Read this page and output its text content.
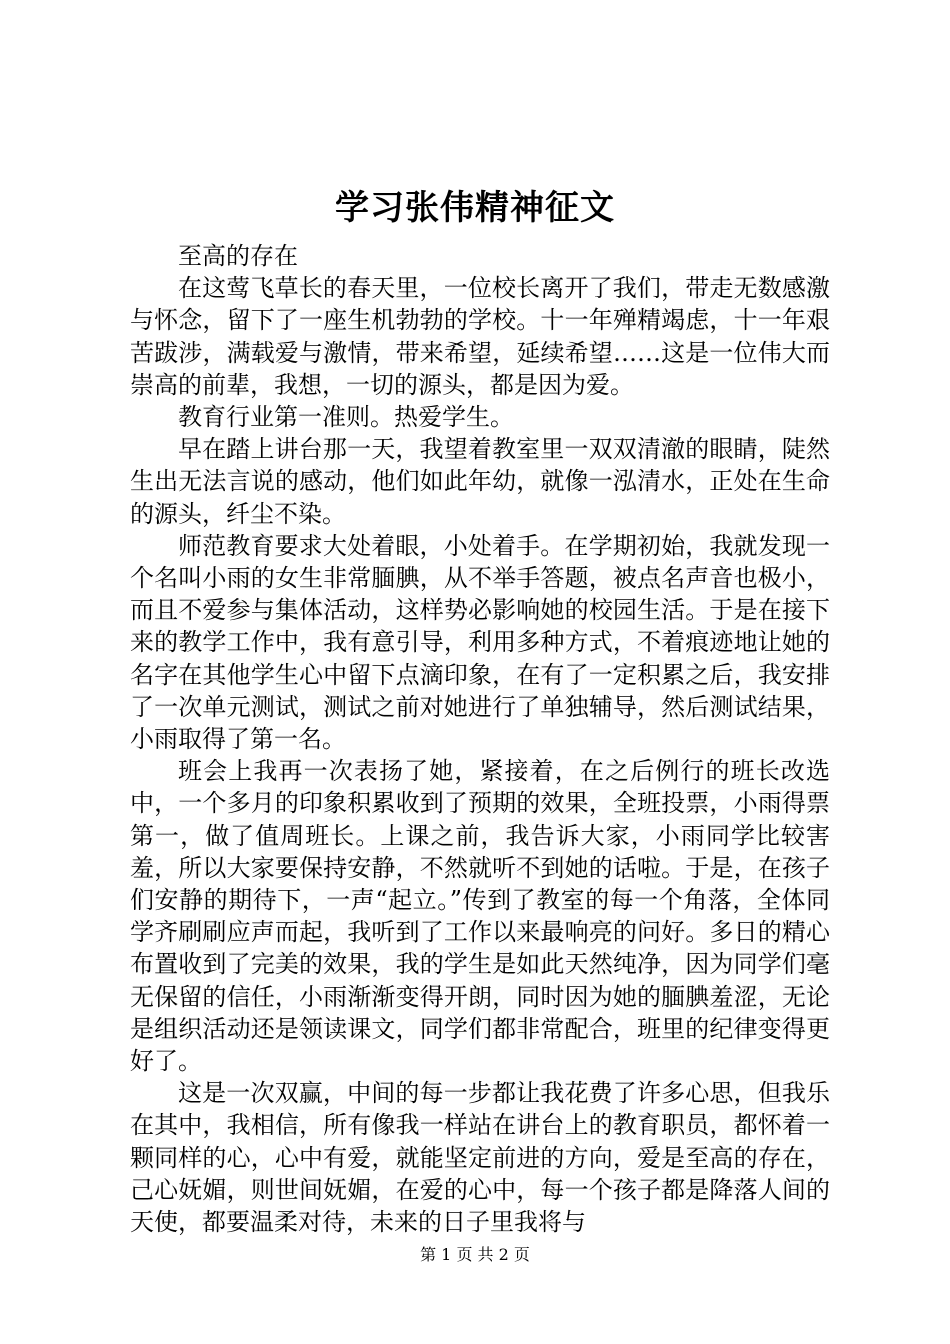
学习张伟精神征文

至高的存在

在这莺飞草长的春天里，一位校长离开了我们，带走无数感激与怀念，留下了一座生机勃勃的学校。十一年殚精竭虑，十一年艰苦跋涉，满载爱与激情，带来希望，延续希望……这是一位伟大而崇高的前辈，我想，一切的源头，都是因为爱。

教育行业第一准则。热爱学生。

早在踏上讲台那一天，我望着教室里一双双清澈的眼睛，陡然生出无法言说的感动，他们如此年幼，就像一泓清水，正处在生命的源头，纤尘不染。

师范教育要求大处着眼，小处着手。在学期初始，我就发现一个名叫小雨的女生非常腼腆，从不举手答题，被点名声音也极小，而且不爱参与集体活动，这样势必影响她的校园生活。于是在接下来的教学工作中，我有意引导，利用多种方式，不着痕迹地让她的名字在其他学生心中留下点滴印象，在有了一定积累之后，我安排了一次单元测试，测试之前对她进行了单独辅导，然后测试结果，小雨取得了第一名。

班会上我再一次表扬了她，紧接着，在之后例行的班长改选中，一个多月的印象积累收到了预期的效果，全班投票，小雨得票第一，做了值周班长。上课之前，我告诉大家，小雨同学比较害羞，所以大家要保持安静，不然就听不到她的话啦。于是，在孩子们安静的期待下，一声“起立。”传到了教室的每一个角落，全体同学齐刷刷应声而起，我听到了工作以来最响亮的问好。多日的精心布置收到了完美的效果，我的学生是如此天然纯净，因为同学们毫无保留的信任，小雨渐渐变得开朗，同时因为她的腼腆羞涩，无论是组织活动还是领读课文，同学们都非常配合，班里的纪律变得更好了。

这是一次双赢，中间的每一步都让我花费了许多心思，但我乐在其中，我相信，所有像我一样站在讲台上的教育职员，都怀着一颗同样的心，心中有爱，就能坚定前进的方向，爱是至高的存在，己心妩媚，则世间妩媚，在爱的心中，每一个孩子都是降落人间的天使，都要温柔对待，未来的日子里我将与

第 1 页 共 2 页
